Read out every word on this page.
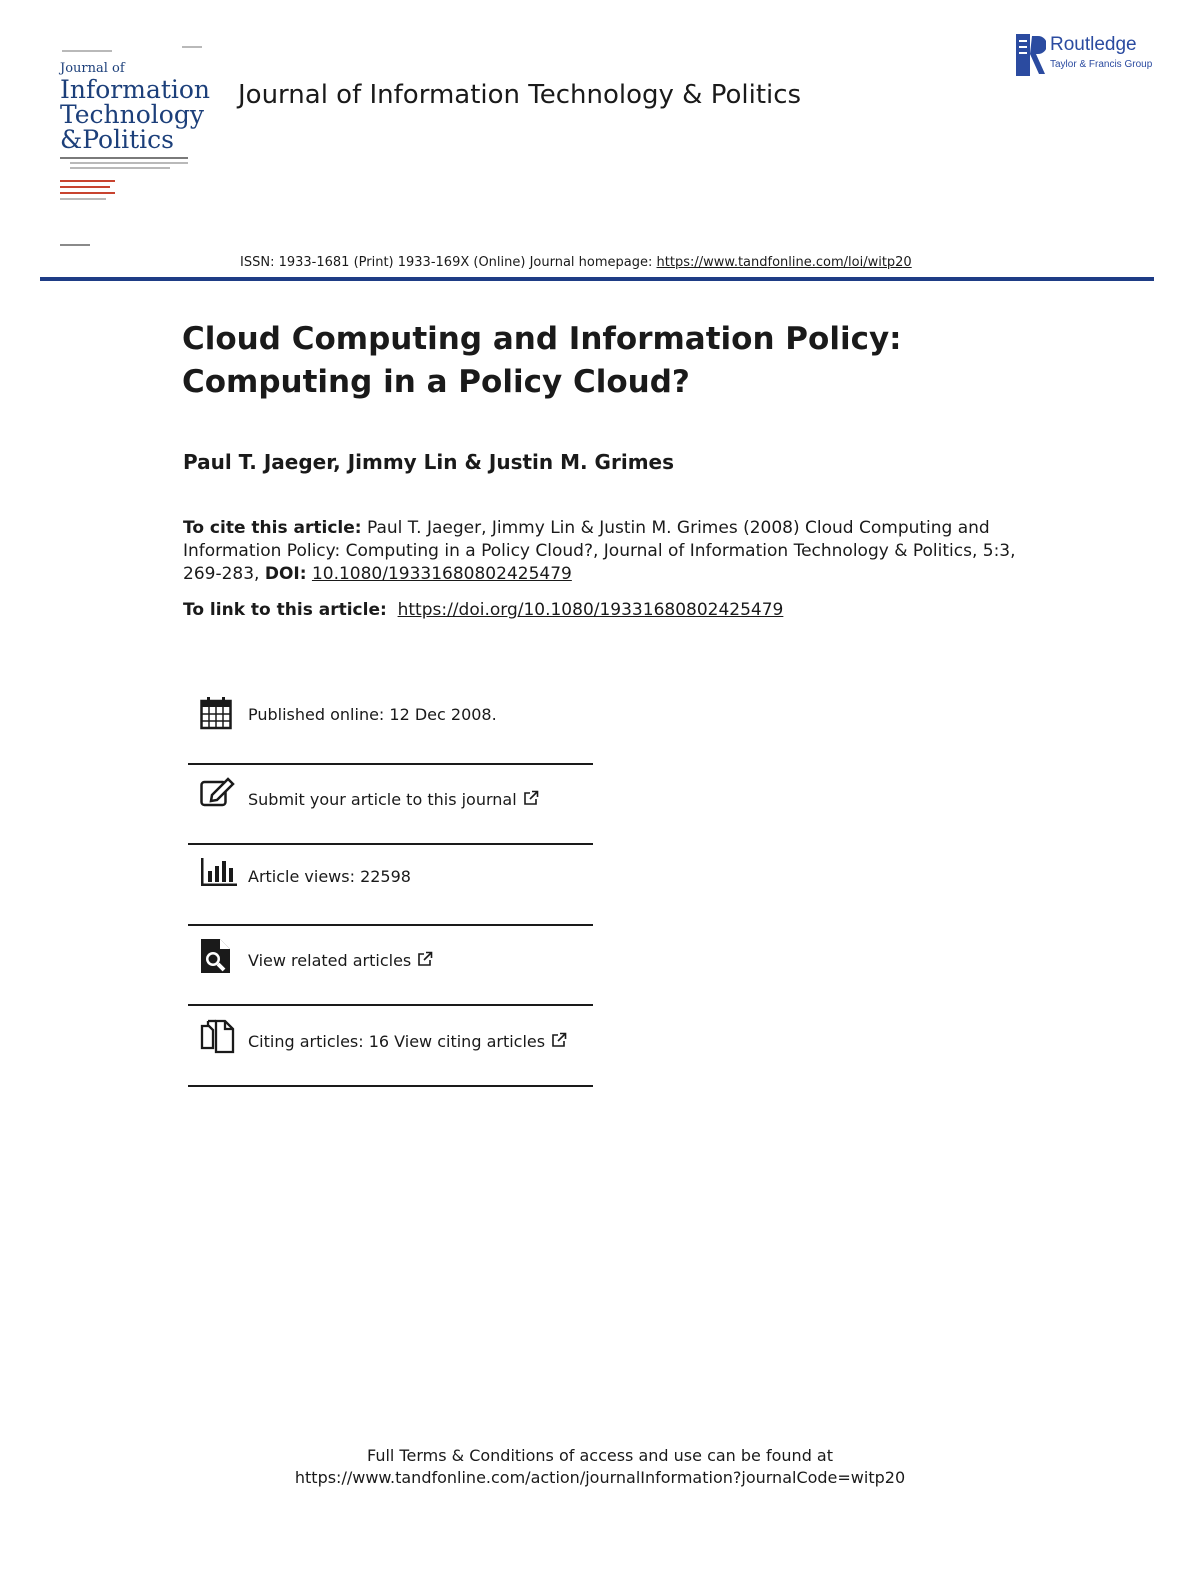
Journal of
Information
Technology
&Politics
Journal of Information Technology & Politics
Routledge
Taylor & Francis Group
ISSN: 1933-1681 (Print) 1933-169X (Online) Journal homepage: https://www.tandfonline.com/loi/witp20
Cloud Computing and Information Policy:
Computing in a Policy Cloud?
Paul T. Jaeger, Jimmy Lin & Justin M. Grimes
To cite this article: Paul T. Jaeger, Jimmy Lin & Justin M. Grimes (2008) Cloud Computing and Information Policy: Computing in a Policy Cloud?, Journal of Information Technology & Politics, 5:3, 269-283, DOI: 10.1080/19331680802425479
To link to this article: https://doi.org/10.1080/19331680802425479
Published online: 12 Dec 2008.
Submit your article to this journal
Article views: 22598
View related articles
Citing articles: 16 View citing articles
Full Terms & Conditions of access and use can be found at
https://www.tandfonline.com/action/journalInformation?journalCode=witp20
